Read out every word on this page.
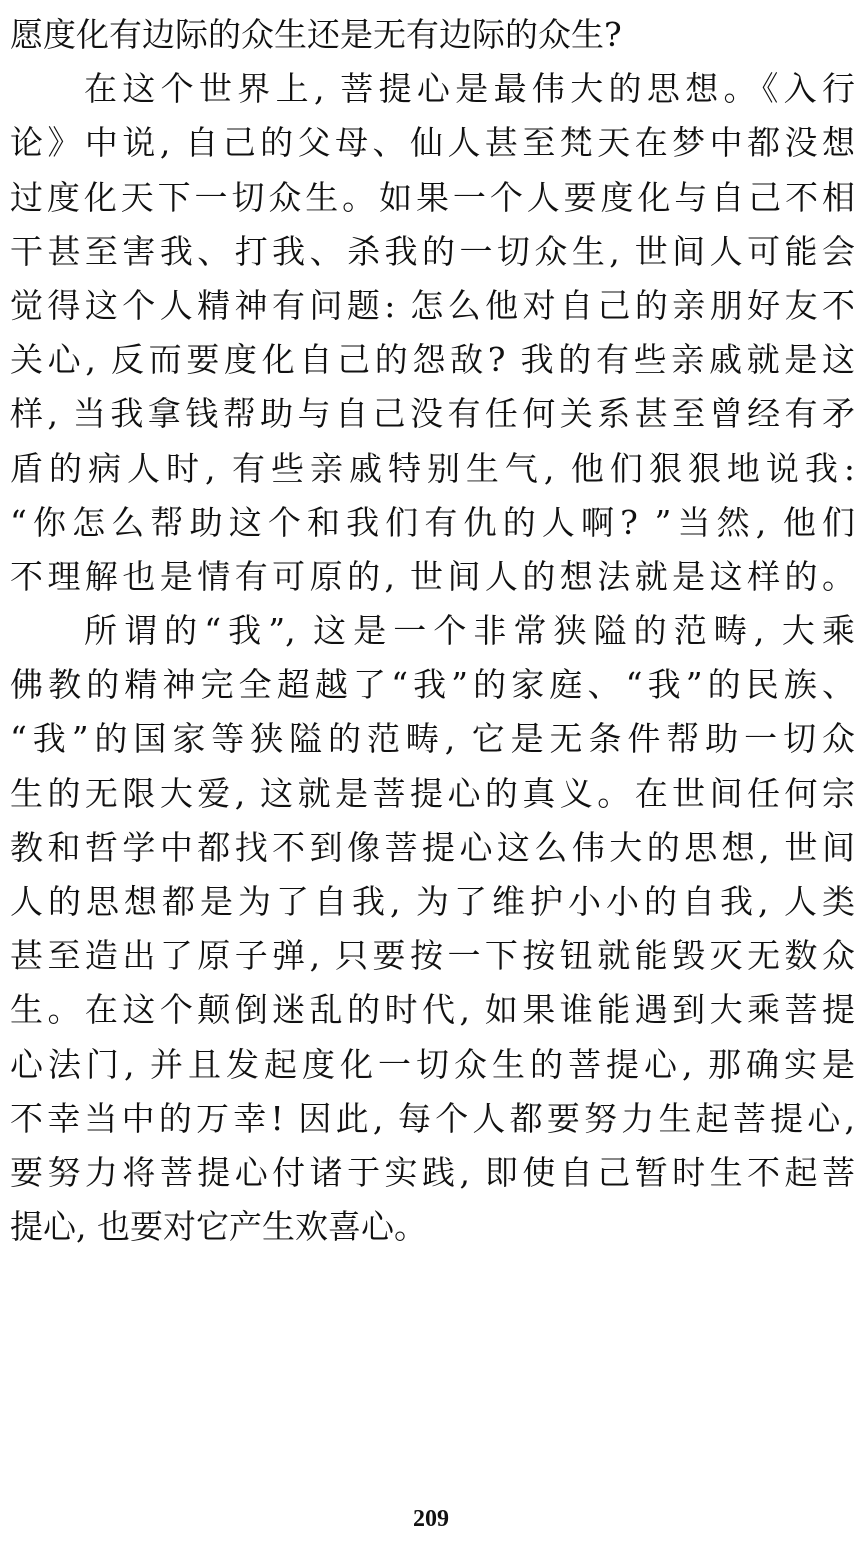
愿度化有边际的众生还是无有边际的众生?
在这个世界上, 菩提心是最伟大的思想。《入行
论》中说, 自己的父母、仙人甚至梵天在梦中都没想
过度化天下一切众生。如果一个人要度化与自己不相
干甚至害我、打我、杀我的一切众生, 世间人可能会
觉得这个人精神有问题: 怎么他对自己的亲朋好友不
关心, 反而要度化自己的怨敌? 我的有些亲戚就是这
样, 当我拿钱帮助与自己没有任何关系甚至曾经有矛
盾的病人时, 有些亲戚特别生气, 他们狠狠地说我:
“你怎么帮助这个和我们有仇的人啊? ”当然, 他们
不理解也是情有可原的, 世间人的想法就是这样的。
所谓的“我”, 这是一个非常狭隘的范畴, 大乘
佛教的精神完全超越了“我”的家庭、“我”的民族、
“我”的国家等狭隘的范畴, 它是无条件帮助一切众
生的无限大爱, 这就是菩提心的真义。在世间任何宗
教和哲学中都找不到像菩提心这么伟大的思想, 世间
人的思想都是为了自我, 为了维护小小的自我, 人类
甚至造出了原子弹, 只要按一下按钮就能毁灭无数众
生。在这个颠倒迷乱的时代, 如果谁能遇到大乘菩提
心法门, 并且发起度化一切众生的菩提心, 那确实是
不幸当中的万幸! 因此, 每个人都要努力生起菩提心,
要努力将菩提心付诸于实践, 即使自己暂时生不起菩
提心, 也要对它产生欢喜心。
209
